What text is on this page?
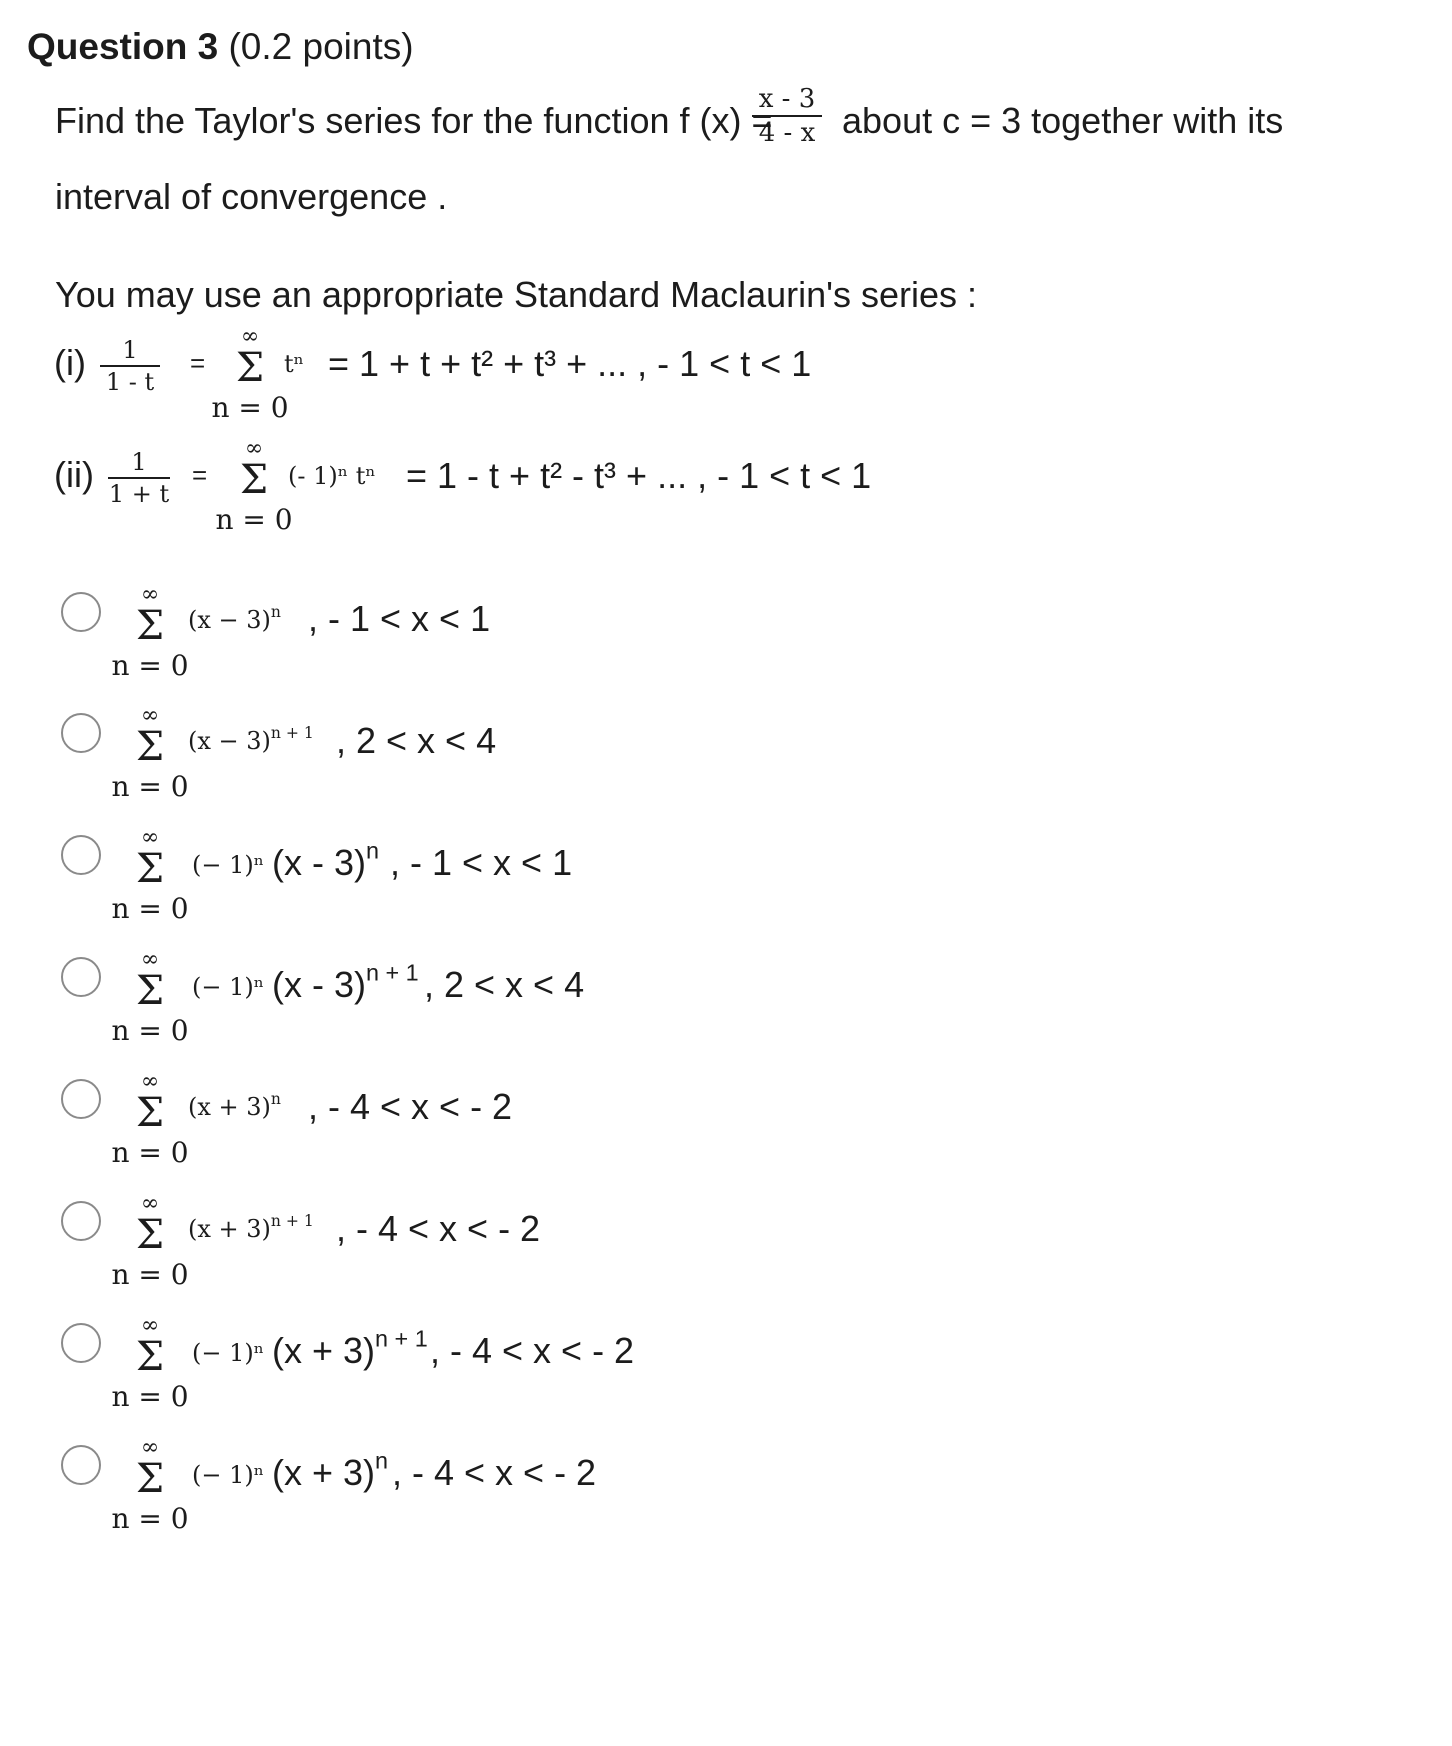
Question 3 (0.2 points)
Find the Taylor's series for the function f (x) =
x - 3
4 - x about c = 3 together with its
interval of convergence .
You may use an appropriate Standard Maclaurin's series :
(i)	1
1 - t
=
∞
Σ
n = 0
tⁿ = 1 + t + t² + t³ + ... , - 1 < t < 1
(ii)	1
1 + t
=
∞
Σ
n = 0
(- 1)ⁿ tⁿ = 1 - t + t² - t³ + ... , - 1 < t < 1
∞
Σ
n = 0
$(x - 3)^n$ , - 1 < x < 1
∞
Σ
n = 0
$(x - 3)^{n + 1}$ , 2 < x < 4
∞
Σ
n = 0
(− 1)ⁿ (x - 3)$^n$ , - 1 < x < 1
∞
Σ
n = 0
(− 1)ⁿ (x - 3)$^{n + 1}$ , 2 < x < 4
∞
Σ
n = 0
$(x + 3)^n$ , - 4 < x < - 2
∞
Σ
n = 0
$(x + 3)^{n + 1}$ , - 4 < x < - 2
∞
Σ
n = 0
(− 1)ⁿ $(x + 3)^{n + 1}$ , - 4 < x < - 2
∞
Σ
n = 0
(− 1)ⁿ $(x + 3)^n$ , - 4 < x < - 2
